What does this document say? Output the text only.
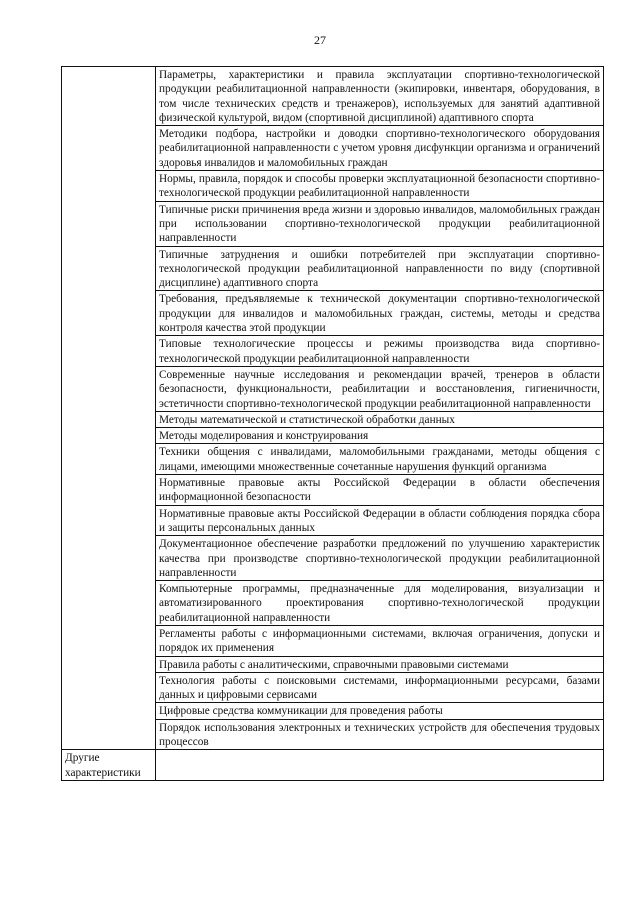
27
	Параметры, характеристики и правила эксплуатации спортивно-технологической продукции реабилитационной направленности (экипировки, инвентаря, оборудования, в том числе технических средств и тренажеров), используемых для занятий адаптивной физической культурой, видом (спортивной дисциплиной) адаптивного спорта
	Методики подбора, настройки и доводки спортивно-технологического оборудования реабилитационной направленности с учетом уровня дисфункции организма и ограничений здоровья инвалидов и маломобильных граждан
	Нормы, правила, порядок и способы проверки эксплуатационной безопасности спортивно-технологической продукции реабилитационной направленности
	Типичные риски причинения вреда жизни и здоровью инвалидов, маломобильных граждан при использовании спортивно-технологической продукции реабилитационной направленности
	Типичные затруднения и ошибки потребителей при эксплуатации спортивно-технологической продукции реабилитационной направленности по виду (спортивной дисциплине) адаптивного спорта
	Требования, предъявляемые к технической документации спортивно-технологической продукции для инвалидов и маломобильных граждан, системы, методы и средства контроля качества этой продукции
	Типовые технологические процессы и режимы производства вида спортивно-технологической продукции реабилитационной направленности
	Современные научные исследования и рекомендации врачей, тренеров в области безопасности, функциональности, реабилитации и восстановления, гигиеничности, эстетичности спортивно-технологической продукции реабилитационной направленности
	Методы математической и статистической обработки данных
	Методы моделирования и конструирования
	Техники общения с инвалидами, маломобильными гражданами, методы общения с лицами, имеющими множественные сочетанные нарушения функций организма
	Нормативные правовые акты Российской Федерации в области обеспечения информационной безопасности
	Нормативные правовые акты Российской Федерации в области соблюдения порядка сбора и защиты персональных данных
	Документационное обеспечение разработки предложений по улучшению характеристик качества при производстве спортивно-технологической продукции реабилитационной направленности
	Компьютерные программы, предназначенные для моделирования, визуализации и автоматизированного проектирования спортивно-технологической продукции реабилитационной направленности
	Регламенты работы с информационными системами, включая ограничения, допуски и порядок их применения
	Правила работы с аналитическими, справочными правовыми системами
	Технология работы с поисковыми системами, информационными ресурсами, базами данных и цифровыми сервисами
	Цифровые средства коммуникации для проведения работы
	Порядок использования электронных и технических устройств для обеспечения трудовых процессов
Другие характеристики	
